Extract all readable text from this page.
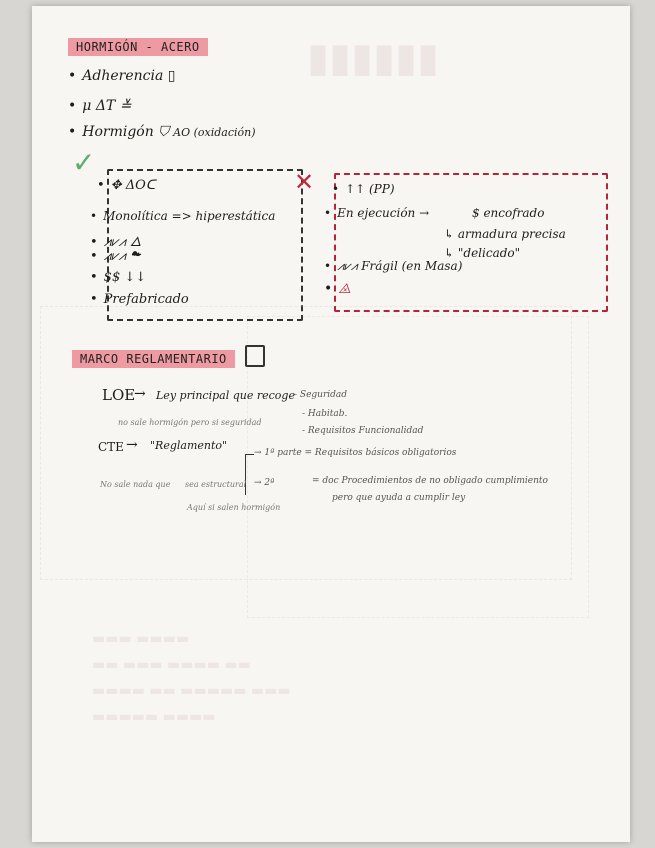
▮▮▮▮▮▮
▬▬▬ ▬▬▬▬
▬▬ ▬▬▬ ▬▬▬▬ ▬▬
▬▬▬▬ ▬▬ ▬▬▬▬▬ ▬▬▬
▬▬▬▬▬ ▬▬▬▬
HORMIGÓN - ACERO
• Adherencia ▯
• μ ΔT ≚
• Hormigón ⛉ AO (oxidación)
✓
• ✥ ΔOᑕ
• Monolítica => hiperestática
• ⩘⩗⩘ 🜂
• ⩘⩗⩘ ☁
• $$ ↓↓
• Prefabricado
✕ • ↑↑ (PP)
• En ejecución →	$ encofrado
↳ armadura precisa
↳ "delicado"
• ⩘⩗⩘ Frágil (en Masa)
• ⨻
MARCO REGLAMENTARIO
LOE
→ Ley principal que recoge - Seguridad
- Habitab.
- Requisitos Funcionalidad
no sale hormigón pero si seguridad
CTE → "Reglamento"
→ 1ª parte = Requisitos básicos obligatorios
→ 2ª	= doc Procedimientos de no obligado cumplimiento
pero que ayuda a cumplir ley
No sale nada que sea estructural
Aquí si salen hormigón
